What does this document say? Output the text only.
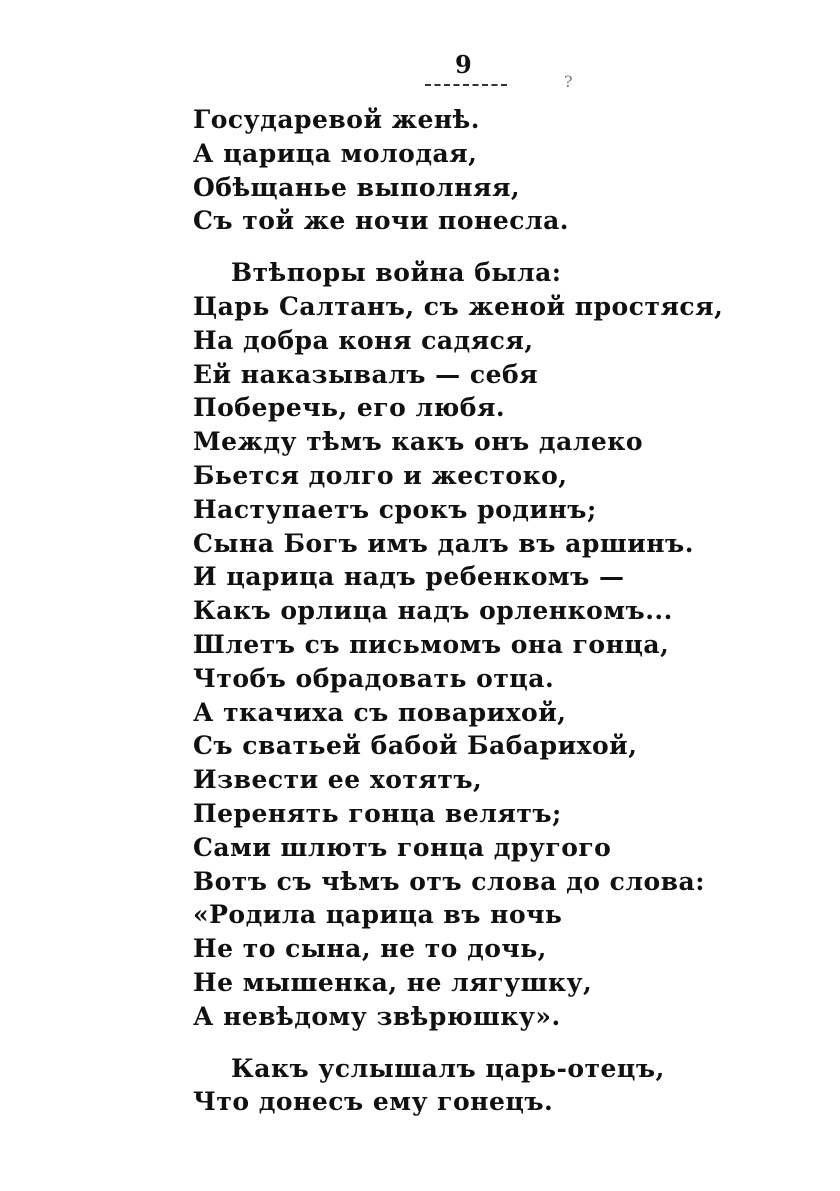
9
?
Государевой женѣ.
А царица молодая,
Обѣщанье выполняя,
Съ той же ночи понесла.
Втѣпоры война была:
Царь Салтанъ, съ женой простяся,
На добра коня садяся,
Ей наказывалъ — себя
Поберечь, его любя.
Между тѣмъ какъ онъ далеко
Бьется долго и жестоко,
Наступаетъ срокъ родинъ;
Сына Богъ имъ далъ въ аршинъ.
И царица надъ ребенкомъ —
Какъ орлица надъ орленкомъ...
Шлетъ съ письмомъ она гонца,
Чтобъ обрадовать отца.
А ткачиха съ поварихой,
Съ сватьей бабой Бабарихой,
Извести ее хотятъ,
Перенять гонца велятъ;
Сами шлютъ гонца другого
Вотъ съ чѣмъ отъ слова до слова:
«Родила царица въ ночь
Не то сына, не то дочь,
Не мышенка, не лягушку,
А невѣдому звѣрюшку».
Какъ услышалъ царь-отецъ,
Что донесъ ему гонецъ.
